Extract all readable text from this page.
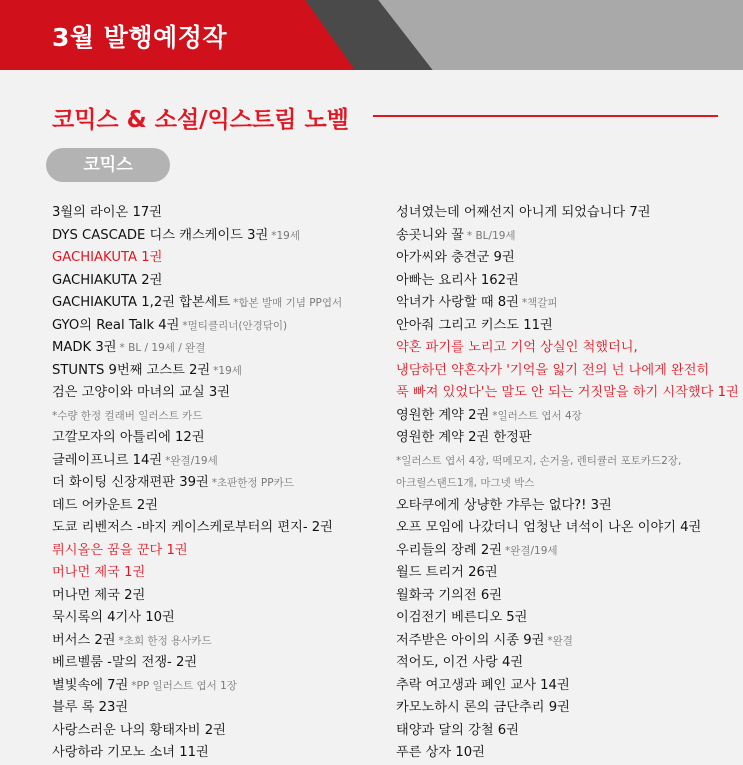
3월 발행예정작
코믹스 & 소설/익스트림 노벨
코믹스
3월의 라이온 17권
DYS CASCADE 디스 캐스케이드 3권 *19세
GACHIAKUTA 1권
GACHIAKUTA 2권
GACHIAKUTA 1,2권 합본세트 *합본 발매 기념 PP엽서
GYO의 Real Talk 4권 *멀티클리너(안경닦이)
MADK 3권 * BL / 19세 / 완결
STUNTS 9번째 고스트 2권 *19세
검은 고양이와 마녀의 교실 3권
*수량 한정 컬래버 일러스트 카드
고깔모자의 아틀리에 12권
글레이프니르 14권 *완결/19세
더 화이팅 신장재편판 39권 *초판한정 PP카드
데드 어카운트 2권
도쿄 리벤저스 -바지 케이스케로부터의 편지- 2권
뤼시올은 꿈을 꾼다 1권
머나먼 제국 1권
머나먼 제국 2권
묵시록의 4기사 10권
버서스 2권 *초회 한정 용사카드
베르벨룸 -말의 전쟁- 2권
별빛속에 7권 *PP 일러스트 엽서 1장
블루 록 23권
사랑스러운 나의 황태자비 2권
사랑하라 기모노 소녀 11권
성녀였는데 어째선지 아니게 되었습니다 7권
송곳니와 꿀 * BL/19세
아가씨와 충견군 9권
아빠는 요리사 162권
악녀가 사랑할 때 8권 *책갈피
안아줘 그리고 키스도 11권
약혼 파기를 노리고 기억 상실인 척했더니,
냉담하던 약혼자가 '기억을 잃기 전의 넌 나에게 완전히
푹 빠져 있었다'는 말도 안 되는 거짓말을 하기 시작했다 1권
영원한 계약 2권 *일러스트 엽서 4장
영원한 계약 2권 한정판
*일러스트 엽서 4장, 떡메모지, 손거울, 렌티큘러 포토카드2장,
아크릴스탠드1개, 마그넷 박스
오타쿠에게 상냥한 갸루는 없다?! 3권
오프 모임에 나갔더니 엄청난 녀석이 나온 이야기 4권
우리들의 장례 2권 *완결/19세
월드 트리거 26권
월화국 기의전 6권
이검전기 베른디오 5권
저주받은 아이의 시종 9권 *완결
적어도, 이건 사랑 4권
추락 여고생과 폐인 교사 14권
카모노하시 론의 금단추리 9권
태양과 달의 강철 6권
푸른 상자 10권
